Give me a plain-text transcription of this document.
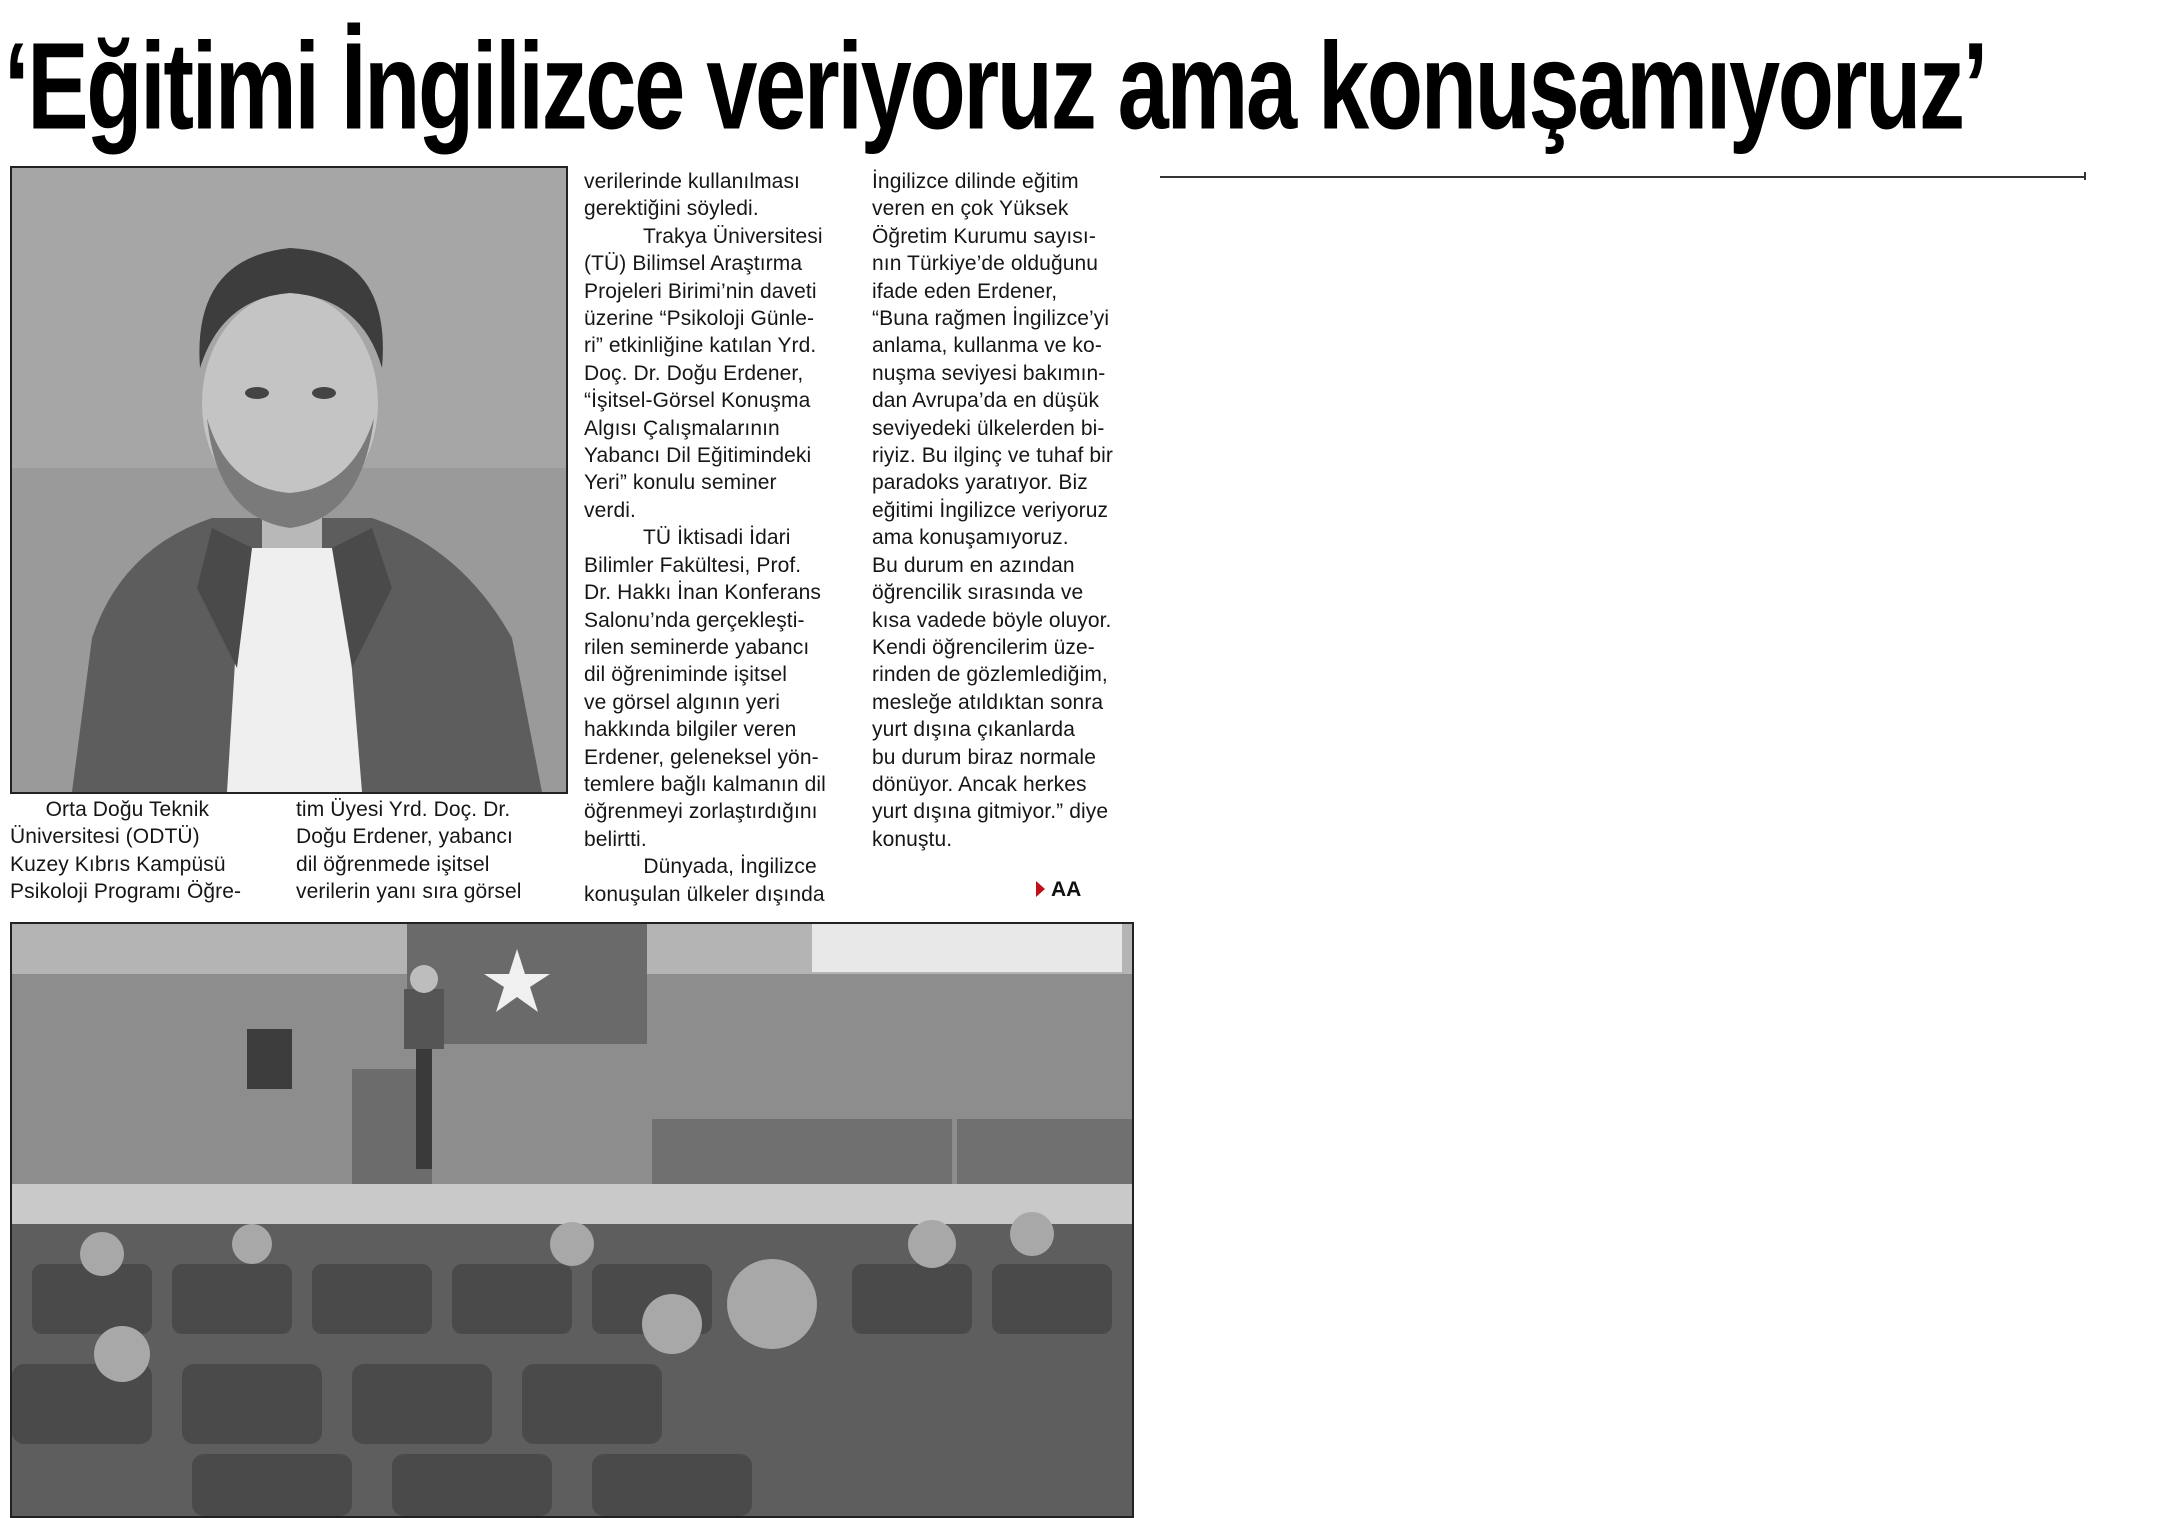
‘Eğitimi İngilizce veriyoruz ama konuşamıyoruz’
Orta Doğu Teknik
Üniversitesi (ODTÜ)
Kuzey Kıbrıs Kampüsü
Psikoloji Programı Öğre-
tim Üyesi Yrd. Doç. Dr.
Doğu Erdener, yabancı
dil öğrenmede işitsel
verilerin yanı sıra görsel
verilerinde kullanılması
gerektiğini söyledi.
Trakya Üniversitesi
(TÜ) Bilimsel Araştırma
Projeleri Birimi’nin daveti
üzerine “Psikoloji Günle-
ri” etkinliğine katılan Yrd.
Doç. Dr. Doğu Erdener,
“İşitsel-Görsel Konuşma
Algısı Çalışmalarının
Yabancı Dil Eğitimindeki
Yeri” konulu seminer
verdi.
TÜ İktisadi İdari
Bilimler Fakültesi, Prof.
Dr. Hakkı İnan Konferans
Salonu’nda gerçekleşti-
rilen seminerde yabancı
dil öğreniminde işitsel
ve görsel algının yeri
hakkında bilgiler veren
Erdener, geleneksel yön-
temlere bağlı kalmanın dil
öğrenmeyi zorlaştırdığını
belirtti.
Dünyada, İngilizce
konuşulan ülkeler dışında
İngilizce dilinde eğitim
veren en çok Yüksek
Öğretim Kurumu sayısı-
nın Türkiye’de olduğunu
ifade eden Erdener,
“Buna rağmen İngilizce’yi
anlama, kullanma ve ko-
nuşma seviyesi bakımın-
dan Avrupa’da en düşük
seviyedeki ülkelerden bi-
riyiz. Bu ilginç ve tuhaf bir
paradoks yaratıyor. Biz
eğitimi İngilizce veriyoruz
ama konuşamıyoruz.
Bu durum en azından
öğrencilik sırasında ve
kısa vadede böyle oluyor.
Kendi öğrencilerim üze-
rinden de gözlemlediğim,
mesleğe atıldıktan sonra
yurt dışına çıkanlarda
bu durum biraz normale
dönüyor. Ancak herkes
yurt dışına gitmiyor.” diye
konuştu.
AA
